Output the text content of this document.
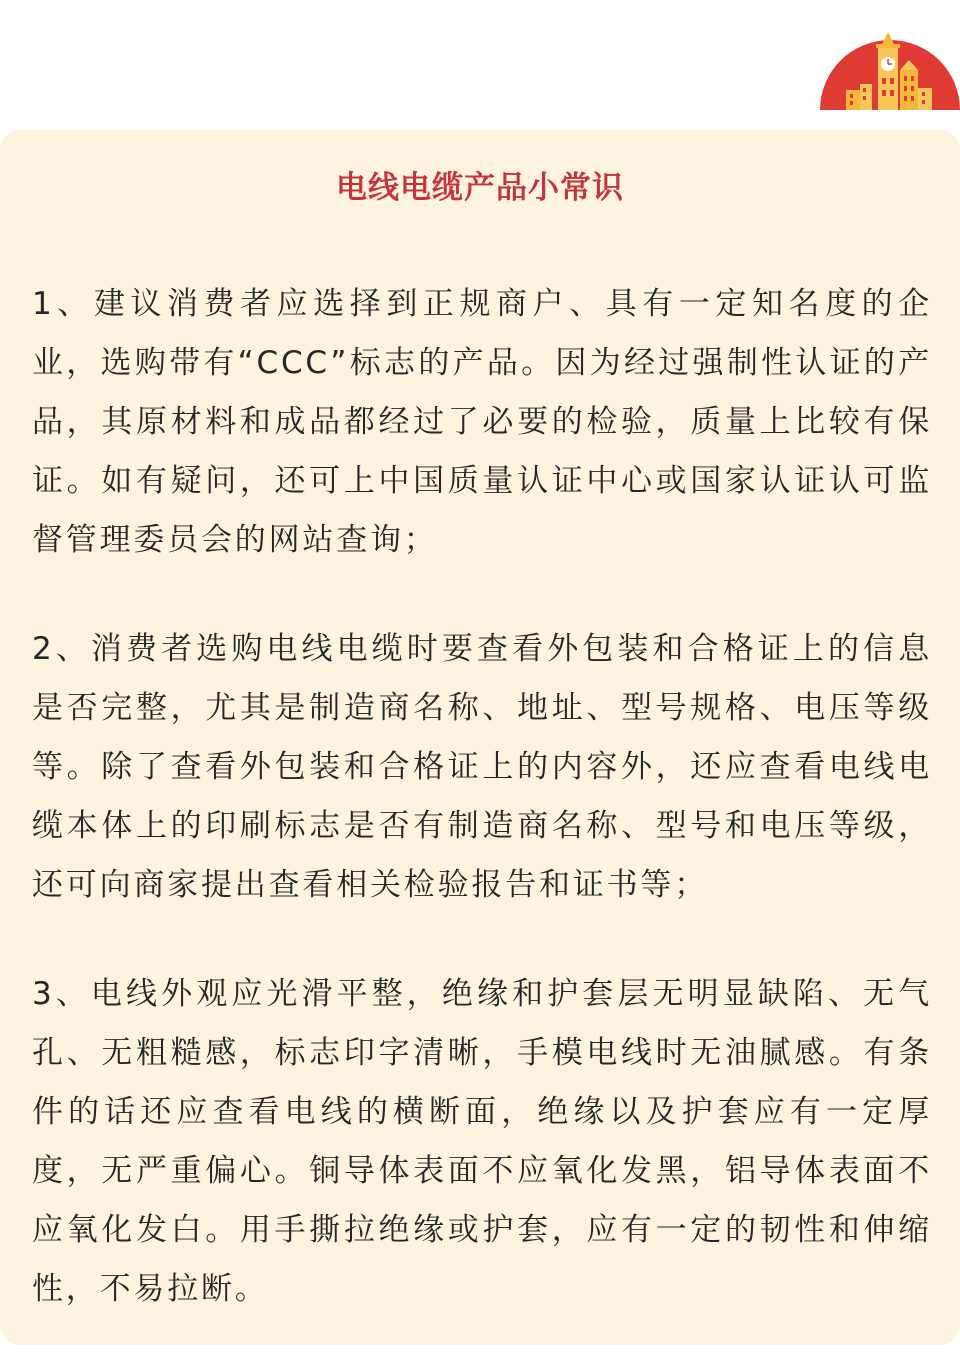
电线电缆产品小常识

1、建议消费者应选择到正规商户、具有一定知名度的企业，选购带有“CCC”标志的产品。因为经过强制性认证的产品，其原材料和成品都经过了必要的检验，质量上比较有保证。如有疑问，还可上中国质量认证中心或国家认证认可监督管理委员会的网站查询；

2、消费者选购电线电缆时要查看外包装和合格证上的信息是否完整，尤其是制造商名称、地址、型号规格、电压等级等。除了查看外包装和合格证上的内容外，还应查看电线电缆本体上的印刷标志是否有制造商名称、型号和电压等级，还可向商家提出查看相关检验报告和证书等；

3、电线外观应光滑平整，绝缘和护套层无明显缺陷、无气孔、无粗糙感，标志印字清晰，手模电线时无油腻感。有条件的话还应查看电线的横断面，绝缘以及护套应有一定厚度，无严重偏心。铜导体表面不应氧化发黑，铝导体表面不应氧化发白。用手撕拉绝缘或护套，应有一定的韧性和伸缩性，不易拉断。
